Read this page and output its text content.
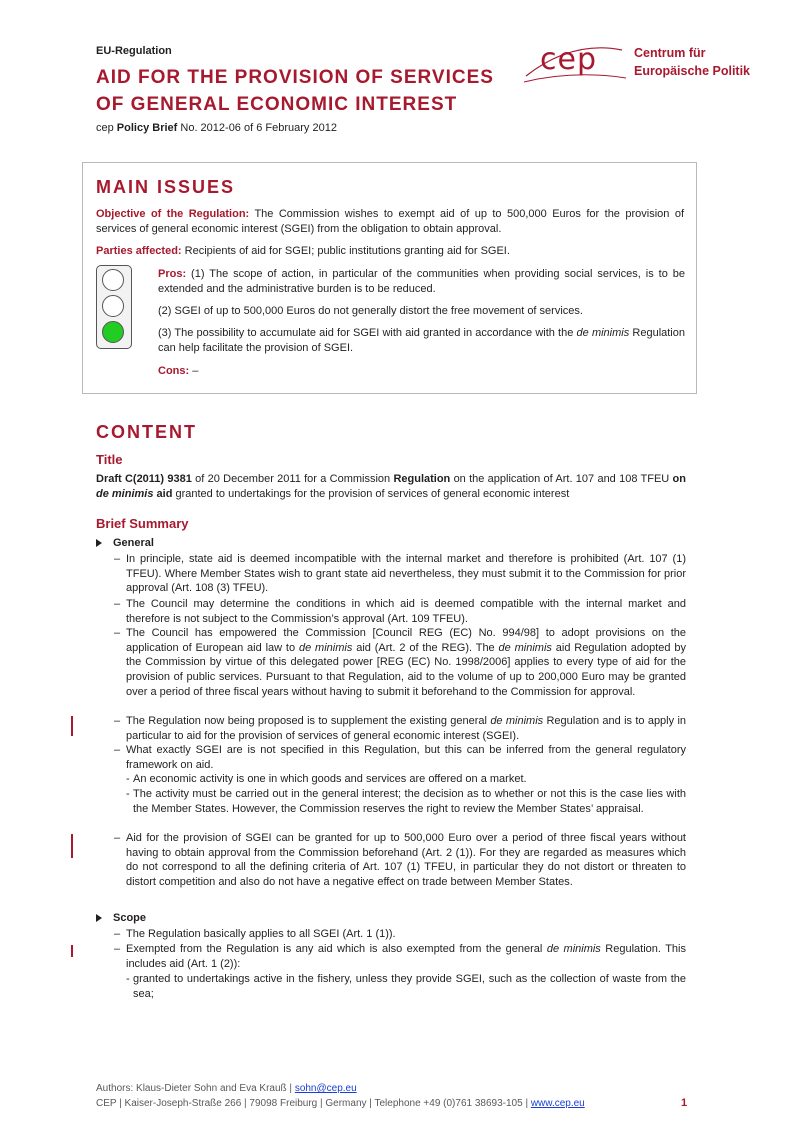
EU-Regulation
AID FOR THE PROVISION OF SERVICES
OF GENERAL ECONOMIC INTEREST
cep Policy Brief No. 2012-06 of 6 February 2012
cep	Centrum für
Europäische Politik
MAIN ISSUES
Objective of the Regulation: The Commission wishes to exempt aid of up to 500,000 Euros for the provision of services of general economic interest (SGEI) from the obligation to obtain approval.
Parties affected: Recipients of aid for SGEI; public institutions granting aid for SGEI.
Pros: (1) The scope of action, in particular of the communities when providing social services, is to be extended and the administrative burden is to be reduced.
(2) SGEI of up to 500,000 Euros do not generally distort the free movement of services.
(3) The possibility to accumulate aid for SGEI with aid granted in accordance with the de minimis Regulation can help facilitate the provision of SGEI.
Cons: –
CONTENT
Title
Draft C(2011) 9381 of 20 December 2011 for a Commission Regulation on the application of Art. 107 and 108 TFEU on de minimis aid granted to undertakings for the provision of services of general economic interest
Brief Summary
General
– In principle, state aid is deemed incompatible with the internal market and therefore is prohibited (Art. 107 (1) TFEU). Where Member States wish to grant state aid nevertheless, they must submit it to the Commission for prior approval (Art. 108 (3) TFEU).
– The Council may determine the conditions in which aid is deemed compatible with the internal market and therefore is not subject to the Commission’s approval (Art. 109 TFEU).
– The Council has empowered the Commission [Council REG (EC) No. 994/98] to adopt provisions on the application of European aid law to de minimis aid (Art. 2 of the REG). The de minimis aid Regulation adopted by the Commission by virtue of this delegated power [REG (EC) No. 1998/2006] applies to every type of aid for the provision of public services. Pursuant to that Regulation, aid to the volume of up to 200,000 Euro may be granted over a period of three fiscal years without having to submit it beforehand to the Commission for approval.
– The Regulation now being proposed is to supplement the existing general de minimis Regulation and is to apply in particular to aid for the provision of services of general economic interest (SGEI).
– What exactly SGEI are is not specified in this Regulation, but this can be inferred from the general regulatory framework on aid.
- An economic activity is one in which goods and services are offered on a market.
- The activity must be carried out in the general interest; the decision as to whether or not this is the case lies with the Member States. However, the Commission reserves the right to review the Member States’ appraisal.
– Aid for the provision of SGEI can be granted for up to 500,000 Euro over a period of three fiscal years without having to obtain approval from the Commission beforehand (Art. 2 (1)). For they are regarded as measures which do not correspond to all the defining criteria of Art. 107 (1) TFEU, in particular they do not distort or threaten to distort competition and also do not have a negative effect on trade between Member States.
Scope
– The Regulation basically applies to all SGEI (Art. 1 (1)).
– Exempted from the Regulation is any aid which is also exempted from the general de minimis Regulation. This includes aid (Art. 1 (2)):
- granted to undertakings active in the fishery, unless they provide SGEI, such as the collection of waste from the sea;
Authors: Klaus-Dieter Sohn and Eva Krauß | sohn@cep.eu
CEP | Kaiser-Joseph-Straße 266 | 79098 Freiburg | Germany | Telephone +49 (0)761 38693-105 | www.cep.eu	1
